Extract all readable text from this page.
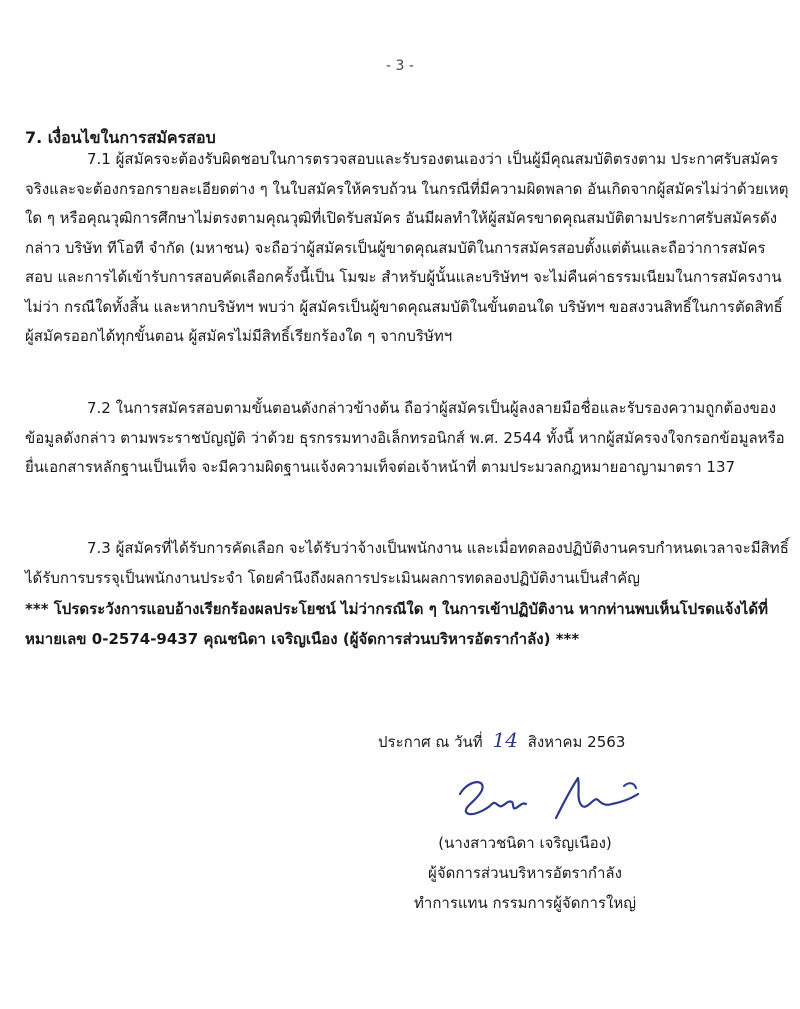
- 3 -
7. เงื่อนไขในการสมัครสอบ

7.1 ผู้สมัครจะต้องรับผิดชอบในการตรวจสอบและรับรองตนเองว่า เป็นผู้มีคุณสมบัติตรงตาม ประกาศรับสมัครจริงและจะต้องกรอกรายละเอียดต่าง ๆ ในใบสมัครให้ครบถ้วน ในกรณีที่มีความผิดพลาด อันเกิดจากผู้สมัครไม่ว่าด้วยเหตุใด ๆ หรือคุณวุฒิการศึกษาไม่ตรงตามคุณวุฒิที่เปิดรับสมัคร อันมีผลทำให้ผู้สมัครขาดคุณสมบัติตามประกาศรับสมัครดังกล่าว บริษัท ทีโอที จำกัด (มหาชน) จะถือว่าผู้สมัครเป็นผู้ขาดคุณสมบัติในการสมัครสอบตั้งแต่ต้นและถือว่าการสมัครสอบ และการได้เข้ารับการสอบคัดเลือกครั้งนี้เป็น โมฆะ สำหรับผู้นั้นและบริษัทฯ จะไม่คืนค่าธรรมเนียมในการสมัครงาน ไม่ว่า กรณีใดทั้งสิ้น และหากบริษัทฯ พบว่า ผู้สมัครเป็นผู้ขาดคุณสมบัติในขั้นตอนใด บริษัทฯ ขอสงวนสิทธิ์ในการตัดสิทธิ์ผู้สมัครออกได้ทุกขั้นตอน ผู้สมัครไม่มีสิทธิ์เรียกร้องใด ๆ จากบริษัทฯ

7.2 ในการสมัครสอบตามขั้นตอนดังกล่าวข้างต้น ถือว่าผู้สมัครเป็นผู้ลงลายมือชื่อและรับรองความถูกต้องของข้อมูลดังกล่าว ตามพระราชบัญญัติ ว่าด้วย ธุรกรรมทางอิเล็กทรอนิกส์ พ.ศ. 2544 ทั้งนี้ หากผู้สมัครจงใจกรอกข้อมูลหรือยื่นเอกสารหลักฐานเป็นเท็จ จะมีความผิดฐานแจ้งความเท็จต่อเจ้าหน้าที่ ตามประมวลกฎหมายอาญามาตรา 137

7.3 ผู้สมัครที่ได้รับการคัดเลือก จะได้รับว่าจ้างเป็นพนักงาน และเมื่อทดลองปฏิบัติงานครบกำหนดเวลาจะมีสิทธิ์ได้รับการบรรจุเป็นพนักงานประจำ โดยคำนึงถึงผลการประเมินผลการทดลองปฏิบัติงานเป็นสำคัญ

*** โปรดระวังการแอบอ้างเรียกร้องผลประโยชน์ ไม่ว่ากรณีใด ๆ ในการเข้าปฏิบัติงาน หากท่านพบเห็นโปรดแจ้งได้ที่หมายเลข 0-2574-9437 คุณชนิดา เจริญเนือง (ผู้จัดการส่วนบริหารอัตรากำลัง) ***

ประกาศ ณ วันที่ 14 สิงหาคม 2563
(นางสาวชนิดา เจริญเนือง)
ผู้จัดการส่วนบริหารอัตรากำลัง
ทำการแทน กรรมการผู้จัดการใหญ่
